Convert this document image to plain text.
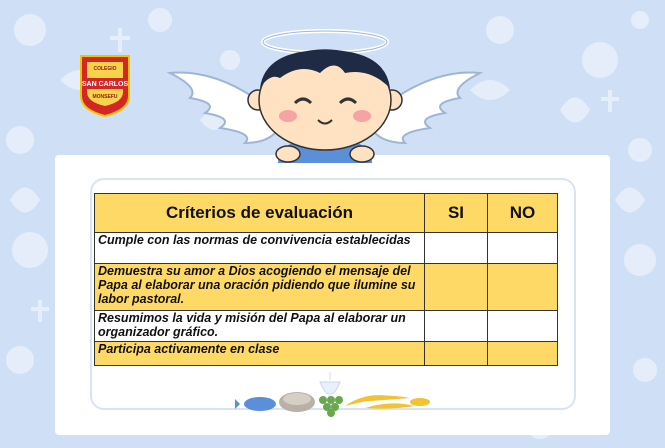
COLEGIO
SAN CARLOS
MONSEFU
Críterios de evaluación	SI	NO
Cumple con las normas de convivencia establecidas		
Demuestra su amor a Dios acogiendo el mensaje del Papa al elaborar una oración pidiendo que ilumine su labor pastoral.		
Resumimos la vida y misión del Papa al elaborar un organizador gráfico.		
Participa activamente en clase		
